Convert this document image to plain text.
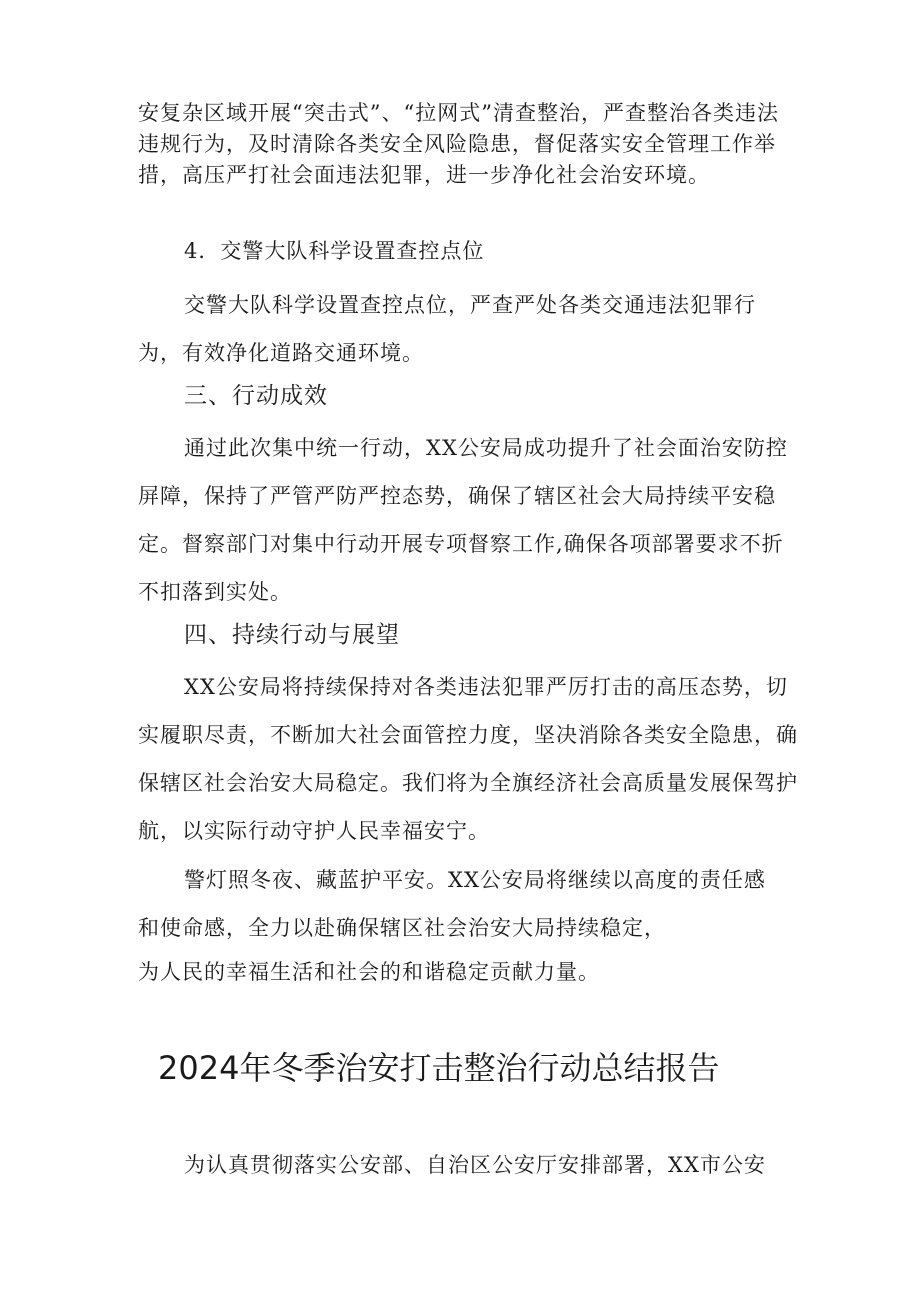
安复杂区域开展“突击式”、“拉网式”清查整治，严查整治各类违法违规行为，及时清除各类安全风险隐患，督促落实安全管理工作举措，高压严打社会面违法犯罪，进一步净化社会治安环境。

4．交警大队科学设置查控点位

交警大队科学设置查控点位，严查严处各类交通违法犯罪行为，有效净化道路交通环境。

三、行动成效

通过此次集中统一行动，XX公安局成功提升了社会面治安防控屏障，保持了严管严防严控态势，确保了辖区社会大局持续平安稳定。督察部门对集中行动开展专项督察工作,确保各项部署要求不折不扣落到实处。

四、持续行动与展望

XX公安局将持续保持对各类违法犯罪严厉打击的高压态势，切实履职尽责，不断加大社会面管控力度，坚决消除各类安全隐患，确保辖区社会治安大局稳定。我们将为全旗经济社会高质量发展保驾护航，以实际行动守护人民幸福安宁。

警灯照冬夜、藏蓝护平安。XX公安局将继续以高度的责任感

和使命感，全力以赴确保辖区社会治安大局持续稳定，

为人民的幸福生活和社会的和谐稳定贡献力量。

2024年冬季治安打击整治行动总结报告

为认真贯彻落实公安部、自治区公安厅安排部署，XX市公安
